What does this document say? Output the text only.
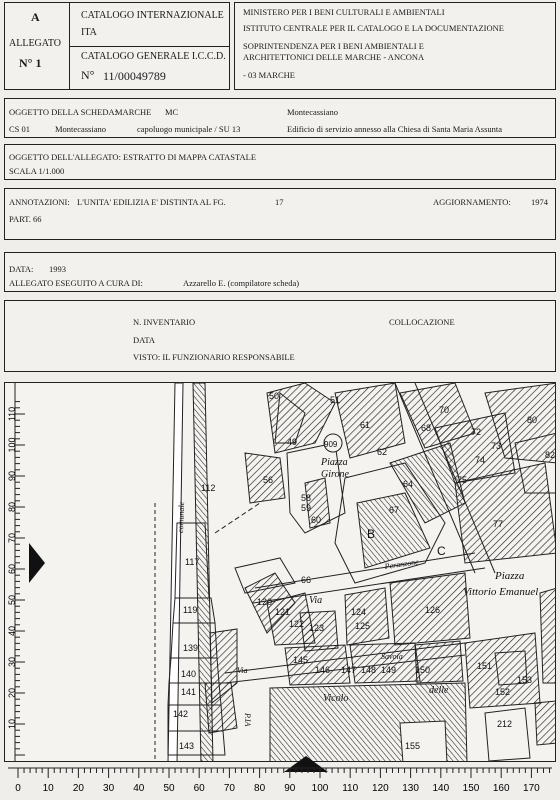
A
ALLEGATO
N° 1
CATALOGO INTERNAZIONALE
ITA
CATALOGO GENERALE I.C.C.D.
N° 11/00049789
MINISTERO PER I BENI CULTURALI E AMBIENTALI
ISTITUTO CENTRALE PER IL CATALOGO E LA DOCUMENTAZIONE
SOPRINTENDENZA PER I BENI AMBIENTALI E
ARCHITETTONICI DELLE MARCHE - ANCONA
- 03 MARCHE
OGGETTO DELLA SCHEDA:
MARCHE MC	Montecassiano
CS 01	Montecassiano	capoluogo municipale / SU 13	Edificio di servizio annesso alla Chiesa di Santa Maria Assunta
OGGETTO DELL'ALLEGATO: ESTRATTO DI MAPPA CATASTALE
SCALA 1/1.000
ANNOTAZIONI: L'UNITA' EDILIZIA E' DISTINTA AL FG.	17	AGGIORNAMENTO: 1974
PART. 66
DATA: 1993
ALLEGATO ESEGUITO A CURA DI:	Azzarello E. (compilatore scheda)
N. INVENTARIO	COLLOCAZIONE
DATA
VISTO: IL FUNZIONARIO RESPONSABILE
50	51
49	909
61
62
68
70
72
73
74
75
77
80
82
56
58
59
60
67
64
B
C
66
112
117
119
139
140
141
142
143
120
121
122 123
124
125
126
145
146 147 148 149 150	151
152
153
155
212
Piazza
Girone
Piazza
Vittorio Emanuel
Via
Peranzone
Savoia
Vicolo
delle
comunale
Via
P.IA
10
20
30
40
50
60
70
80
90
100
110
0 10 20 30 40 50 60 70 80 90 100 110 120 130 140 150 160 170
